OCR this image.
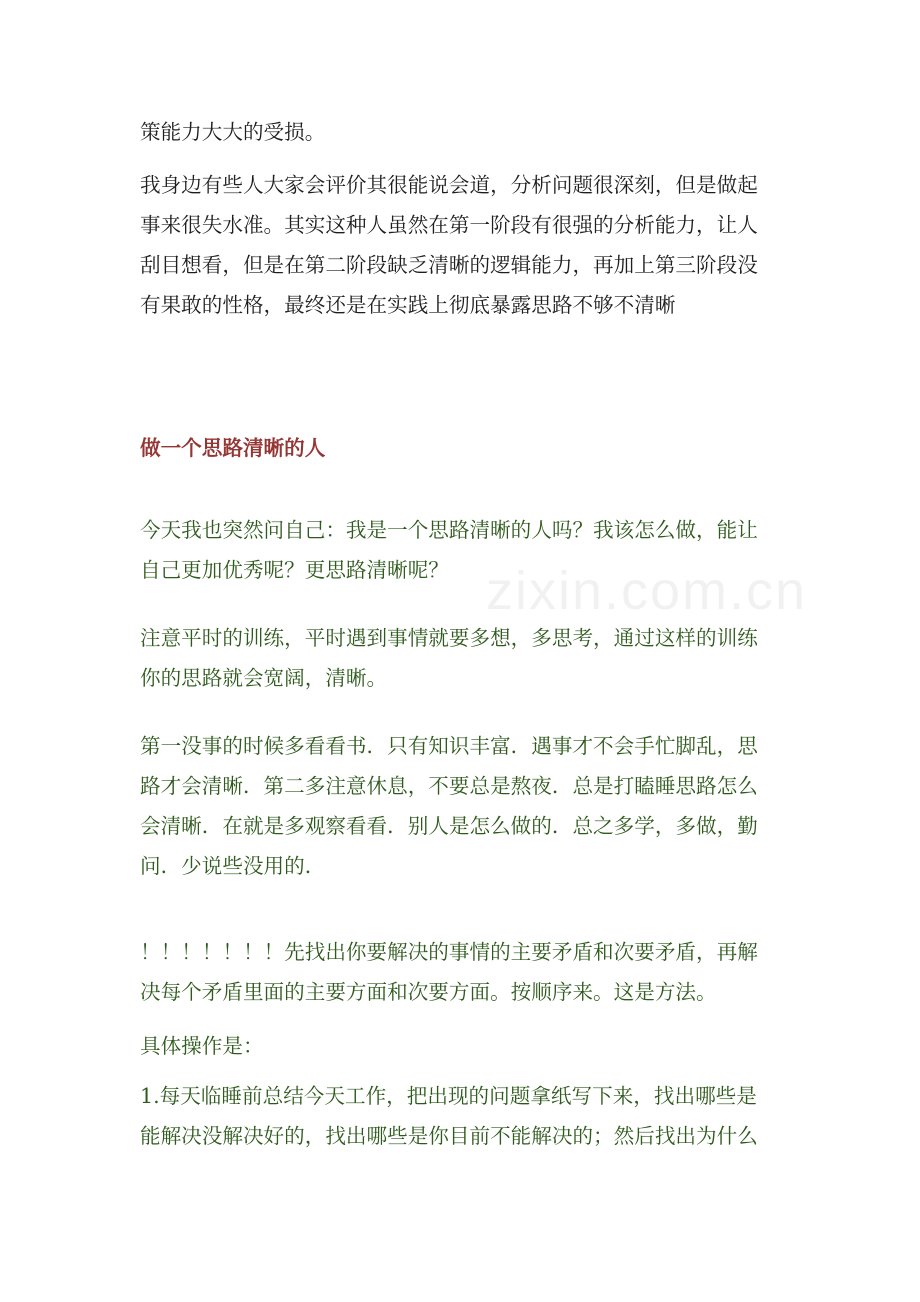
zixin.com.cn

策能力大大的受损。

我身边有些人大家会评价其很能说会道，分析问题很深刻，但是做起
事来很失水准。其实这种人虽然在第一阶段有很强的分析能力，让人
刮目想看，但是在第二阶段缺乏清晰的逻辑能力，再加上第三阶段没
有果敢的性格，最终还是在实践上彻底暴露思路不够不清晰

做一个思路清晰的人

今天我也突然问自己：我是一个思路清晰的人吗？我该怎么做，能让
自己更加优秀呢？更思路清晰呢？

注意平时的训练，平时遇到事情就要多想，多思考，通过这样的训练
你的思路就会宽阔，清晰。

第一没事的时候多看看书．只有知识丰富．遇事才不会手忙脚乱，思
路才会清晰．第二多注意休息，不要总是熬夜．总是打瞌睡思路怎么
会清晰．在就是多观察看看．别人是怎么做的．总之多学，多做，勤
问．少说些没用的．

！！！！！！！先找出你要解决的事情的主要矛盾和次要矛盾，再解
决每个矛盾里面的主要方面和次要方面。按顺序来。这是方法。

具体操作是：

1.每天临睡前总结今天工作，把出现的问题拿纸写下来，找出哪些是
能解决没解决好的，找出哪些是你目前不能解决的；然后找出为什么
